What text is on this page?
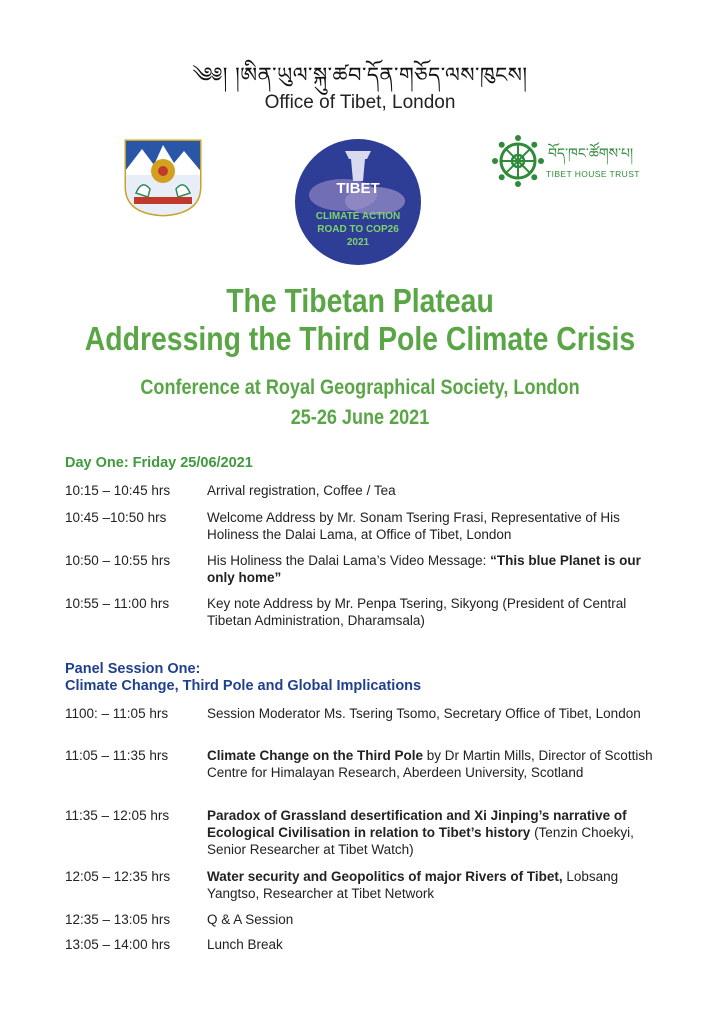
༄༅། །ཨིན་ཡུལ་སྐུ་ཚབ་དོན་གཅོད་ལས་ཁུངས།
Office of Tibet, London
TIBET
CLIMATE ACTION
ROAD TO COP26
2021
བོད་ཁང་ཚོགས་པ།
TIBET HOUSE TRUST
The Tibetan Plateau
Addressing the Third Pole Climate Crisis
Conference at Royal Geographical Society, London
25-26 June 2021
Day One: Friday 25/06/2021
10:15 – 10:45 hrs	Arrival registration, Coffee / Tea
10:45 –10:50 hrs	Welcome Address by Mr. Sonam Tsering Frasi, Representative of His Holiness the Dalai Lama, at Office of Tibet, London
10:50 – 10:55 hrs	His Holiness the Dalai Lama’s Video Message: “This blue Planet is our only home”
10:55 – 11:00 hrs	Key note Address by Mr. Penpa Tsering, Sikyong (President of Central Tibetan Administration, Dharamsala)
Panel Session One:
Climate Change, Third Pole and Global Implications
1100: – 11:05 hrs	Session Moderator Ms. Tsering Tsomo, Secretary Office of Tibet, London
11:05 – 11:35 hrs	Climate Change on the Third Pole by Dr Martin Mills, Director of Scottish Centre for Himalayan Research, Aberdeen University, Scotland
11:35 – 12:05 hrs	Paradox of Grassland desertification and Xi Jinping’s narrative of Ecological Civilisation in relation to Tibet’s history (Tenzin Choekyi, Senior Researcher at Tibet Watch)
12:05 – 12:35 hrs	Water security and Geopolitics of major Rivers of Tibet, Lobsang Yangtso, Researcher at Tibet Network
12:35 – 13:05 hrs	Q & A Session
13:05 – 14:00 hrs	Lunch Break
